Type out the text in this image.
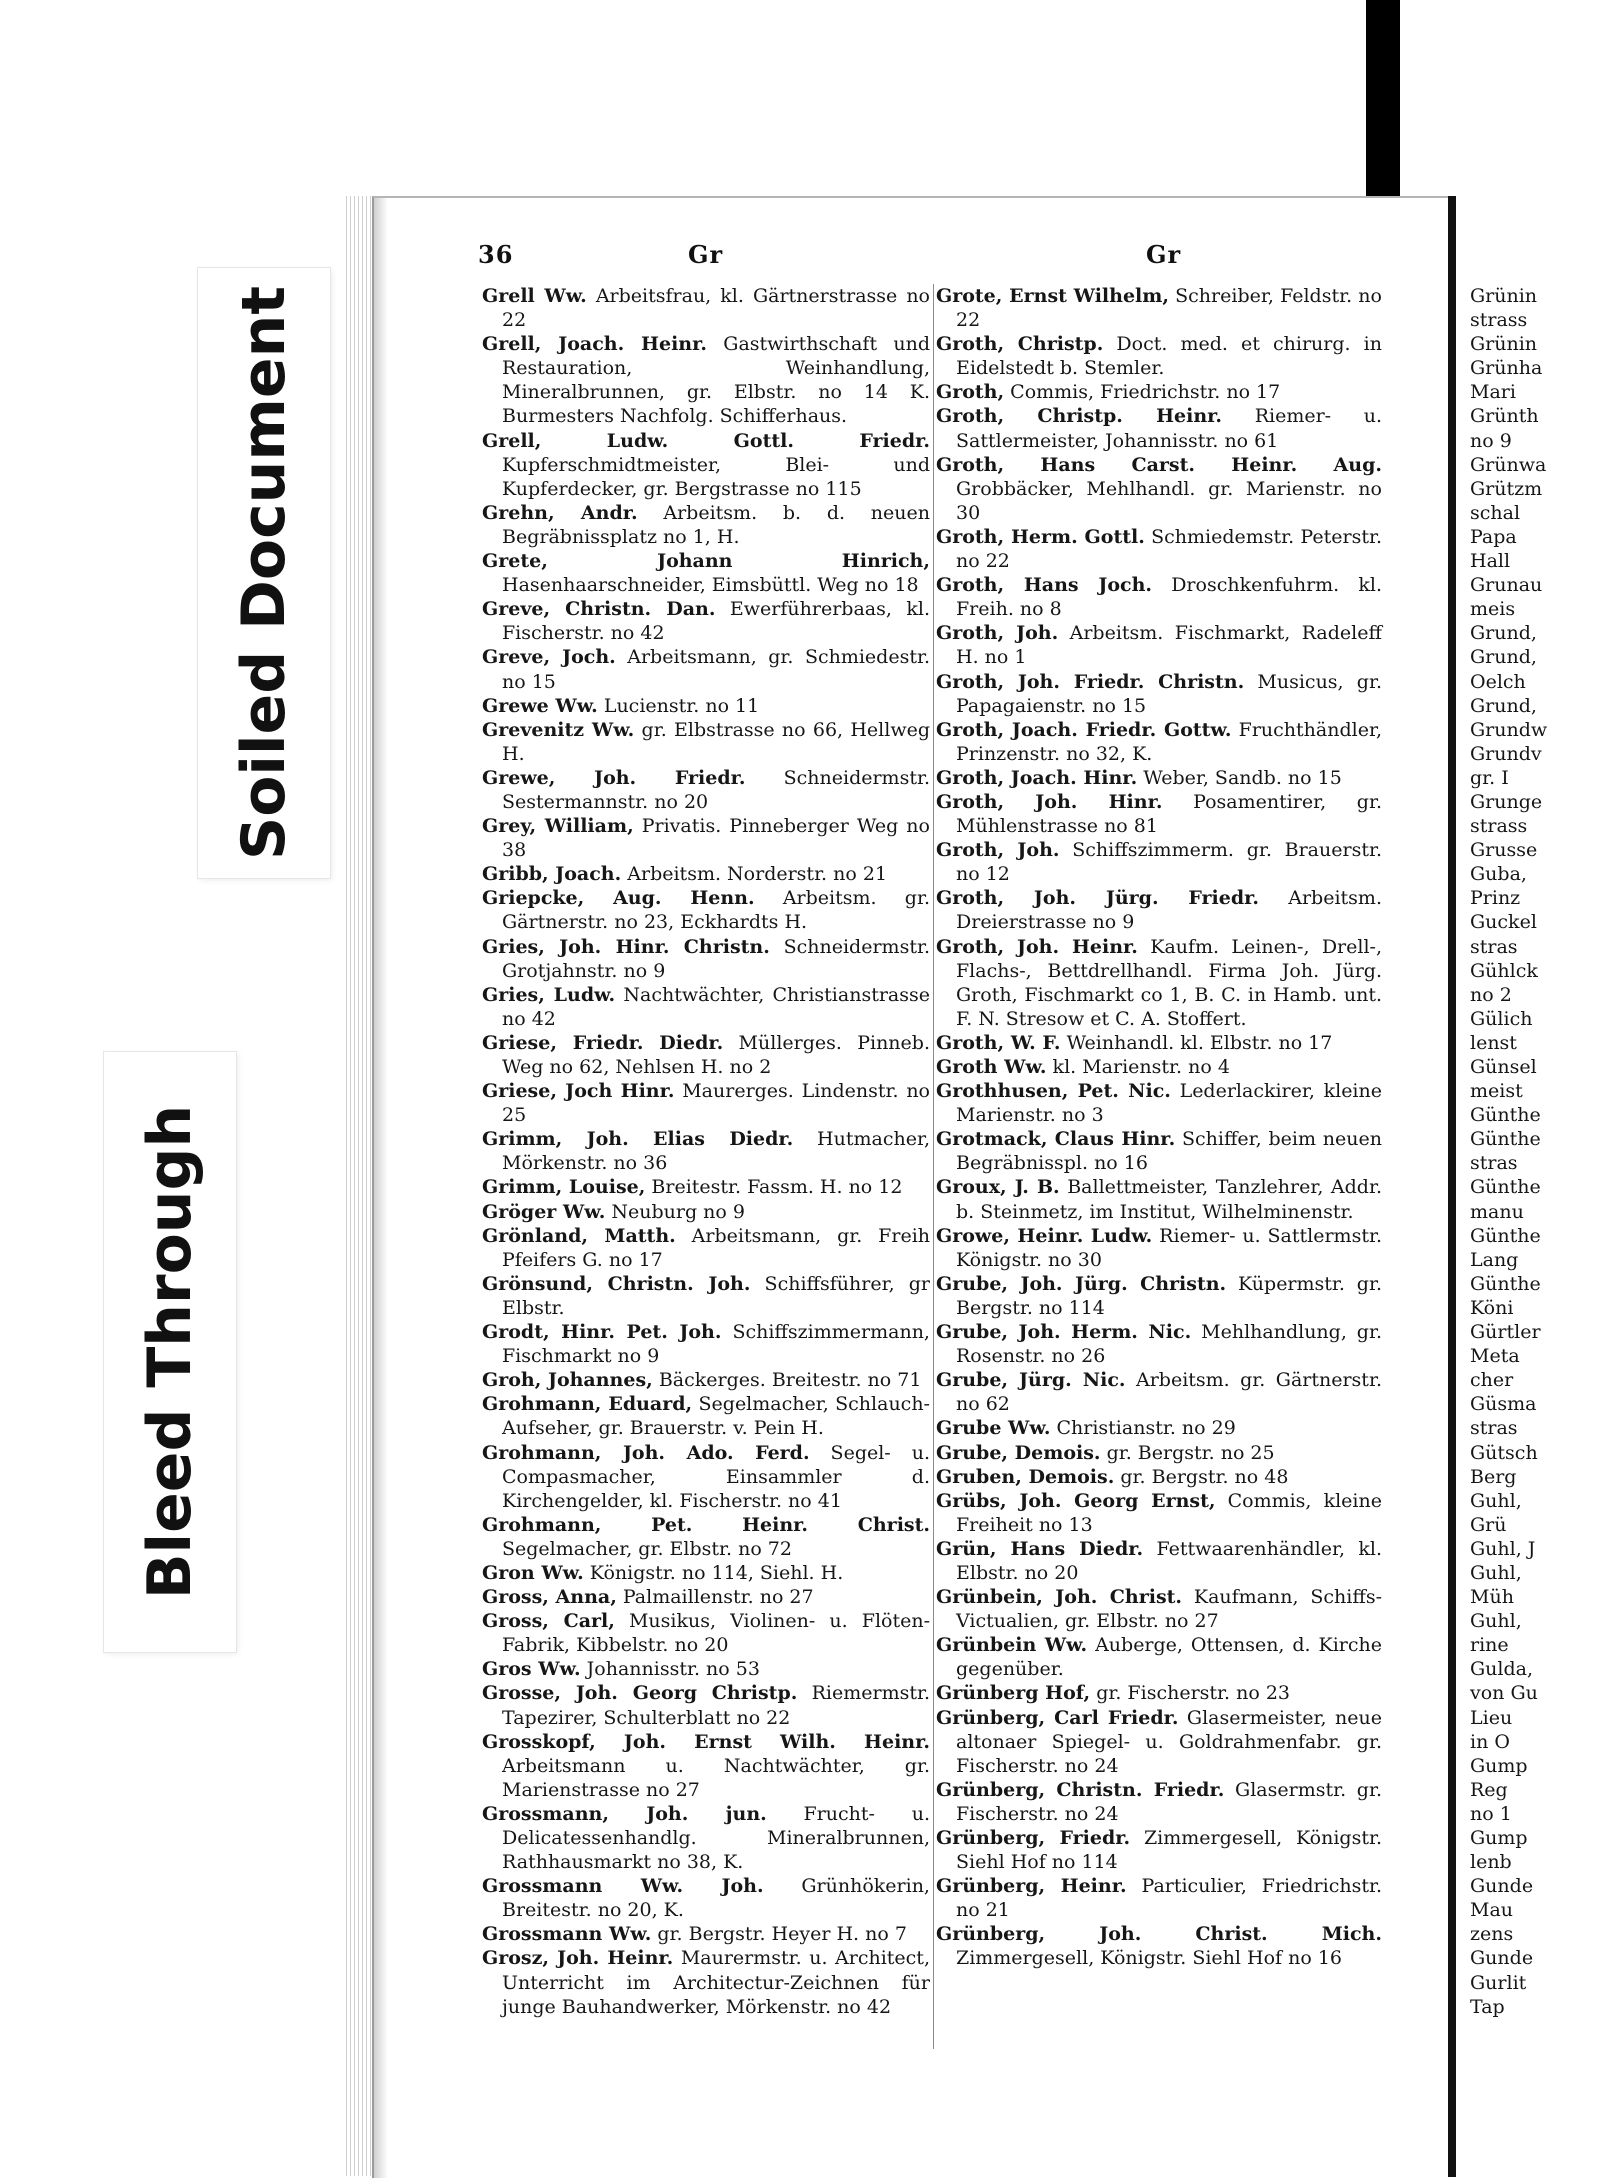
Soiled Document
Bleed Through
36	Gr	Gr

Grell Ww. Arbeitsfrau, kl. Gärtnerstrasse no 22

Grell, Joach. Heinr. Gastwirthschaft und Restauration, Weinhandlung, Mineralbrunnen, gr. Elbstr. no 14 K. Burmesters Nachfolg. Schifferhaus.

Grell, Ludw. Gottl. Friedr. Kupferschmidtmeister, Blei- und Kupferdecker, gr. Bergstrasse no 115

Grehn, Andr. Arbeitsm. b. d. neuen Begräbnissplatz no 1, H.

Grete, Johann Hinrich, Hasenhaarschneider, Eimsbüttl. Weg no 18

Greve, Christn. Dan. Ewerführerbaas, kl. Fischerstr. no 42

Greve, Joch. Arbeitsmann, gr. Schmiedestr. no 15

Grewe Ww. Lucienstr. no 11

Grevenitz Ww. gr. Elbstrasse no 66, Hellweg H.

Grewe, Joh. Friedr. Schneidermstr. Sestermannstr. no 20

Grey, William, Privatis. Pinneberger Weg no 38

Gribb, Joach. Arbeitsm. Norderstr. no 21

Griepcke, Aug. Henn. Arbeitsm. gr. Gärtnerstr. no 23, Eckhardts H.

Gries, Joh. Hinr. Christn. Schneidermstr. Grotjahnstr. no 9

Gries, Ludw. Nachtwächter, Christianstrasse no 42

Griese, Friedr. Diedr. Müllerges. Pinneb. Weg no 62, Nehlsen H. no 2

Griese, Joch Hinr. Maurerges. Lindenstr. no 25

Grimm, Joh. Elias Diedr. Hutmacher, Mörkenstr. no 36

Grimm, Louise, Breitestr. Fassm. H. no 12

Gröger Ww. Neuburg no 9

Grönland, Matth. Arbeitsmann, gr. Freih Pfeifers G. no 17

Grönsund, Christn. Joh. Schiffsführer, gr Elbstr.

Grodt, Hinr. Pet. Joh. Schiffszimmermann, Fischmarkt no 9

Groh, Johannes, Bäckerges. Breitestr. no 71

Grohmann, Eduard, Segelmacher, Schlauch-Aufseher, gr. Brauerstr. v. Pein H.

Grohmann, Joh. Ado. Ferd. Segel- u. Compasmacher, Einsammler d. Kirchengelder, kl. Fischerstr. no 41

Grohmann, Pet. Heinr. Christ. Segelmacher, gr. Elbstr. no 72

Gron Ww. Königstr. no 114, Siehl. H.

Gross, Anna, Palmaillenstr. no 27

Gross, Carl, Musikus, Violinen- u. Flöten-Fabrik, Kibbelstr. no 20

Gros Ww. Johannisstr. no 53

Grosse, Joh. Georg Christp. Riemermstr. Tapezirer, Schulterblatt no 22

Grosskopf, Joh. Ernst Wilh. Heinr. Arbeitsmann u. Nachtwächter, gr. Marienstrasse no 27

Grossmann, Joh. jun. Frucht- u. Delicatessenhandlg. Mineralbrunnen, Rathhausmarkt no 38, K.

Grossmann Ww. Joh. Grünhökerin, Breitestr. no 20, K.

Grossmann Ww. gr. Bergstr. Heyer H. no 7

Grosz, Joh. Heinr. Maurermstr. u. Architect, Unterricht im Architectur-Zeichnen für junge Bauhandwerker, Mörkenstr. no 42

Grote, Ernst Wilhelm, Schreiber, Feldstr. no 22

Groth, Christp. Doct. med. et chirurg. in Eidelstedt b. Stemler.

Groth, Commis, Friedrichstr. no 17

Groth, Christp. Heinr. Riemer- u. Sattlermeister, Johannisstr. no 61

Groth, Hans Carst. Heinr. Aug. Grobbäcker, Mehlhandl. gr. Marienstr. no 30

Groth, Herm. Gottl. Schmiedemstr. Peterstr. no 22

Groth, Hans Joch. Droschkenfuhrm. kl. Freih. no 8

Groth, Joh. Arbeitsm. Fischmarkt, Radeleff H. no 1

Groth, Joh. Friedr. Christn. Musicus, gr. Papagaienstr. no 15

Groth, Joach. Friedr. Gottw. Fruchthändler, Prinzenstr. no 32, K.

Groth, Joach. Hinr. Weber, Sandb. no 15

Groth, Joh. Hinr. Posamentirer, gr. Mühlenstrasse no 81

Groth, Joh. Schiffszimmerm. gr. Brauerstr. no 12

Groth, Joh. Jürg. Friedr. Arbeitsm. Dreierstrasse no 9

Groth, Joh. Heinr. Kaufm. Leinen-, Drell-, Flachs-, Bettdrellhandl. Firma Joh. Jürg. Groth, Fischmarkt co 1, B. C. in Hamb. unt. F. N. Stresow et C. A. Stoffert.

Groth, W. F. Weinhandl. kl. Elbstr. no 17

Groth Ww. kl. Marienstr. no 4

Grothhusen, Pet. Nic. Lederlackirer, kleine Marienstr. no 3

Grotmack, Claus Hinr. Schiffer, beim neuen Begräbnisspl. no 16

Groux, J. B. Ballettmeister, Tanzlehrer, Addr. b. Steinmetz, im Institut, Wilhelminenstr.

Growe, Heinr. Ludw. Riemer- u. Sattlermstr. Königstr. no 30

Grube, Joh. Jürg. Christn. Küpermstr. gr. Bergstr. no 114

Grube, Joh. Herm. Nic. Mehlhandlung, gr. Rosenstr. no 26

Grube, Jürg. Nic. Arbeitsm. gr. Gärtnerstr. no 62

Grube Ww. Christianstr. no 29

Grube, Demois. gr. Bergstr. no 25

Gruben, Demois. gr. Bergstr. no 48

Grübs, Joh. Georg Ernst, Commis, kleine Freiheit no 13

Grün, Hans Diedr. Fettwaarenhändler, kl. Elbstr. no 20

Grünbein, Joh. Christ. Kaufmann, Schiffs-Victualien, gr. Elbstr. no 27

Grünbein Ww. Auberge, Ottensen, d. Kirche gegenüber.

Grünberg Hof, gr. Fischerstr. no 23

Grünberg, Carl Friedr. Glasermeister, neue altonaer Spiegel- u. Goldrahmenfabr. gr. Fischerstr. no 24

Grünberg, Christn. Friedr. Glasermstr. gr. Fischerstr. no 24

Grünberg, Friedr. Zimmergesell, Königstr. Siehl Hof no 114

Grünberg, Heinr. Particulier, Friedrichstr. no 21

Grünberg, Joh. Christ. Mich. Zimmergesell, Königstr. Siehl Hof no 16

Grünin
strass
Grünin
Grünha
Mari
Grünth
no 9
Grünwa
Grützm
schal
Papa
Hall
Grunau
meis
Grund,
Grund,
Oelch
Grund,
Grundw
Grundv
gr. I
Grunge
strass
Grusse
Guba,
Prinz
Guckel
stras
Gühlck
no 2
Gülich
lenst
Günsel
meist
Günthe
Günthe
stras
Günthe
manu
Günthe
Lang
Günthe
Köni
Gürtler
Meta
cher
Güsma
stras
Gütsch
Berg
Guhl,
Grü
Guhl, J
Guhl,
Müh
Guhl,
rine
Gulda,
von Gu
Lieu
in O
Gump
Reg
no 1
Gump
lenb
Gunde
Mau
zens
Gunde
Gurlit
Tap
